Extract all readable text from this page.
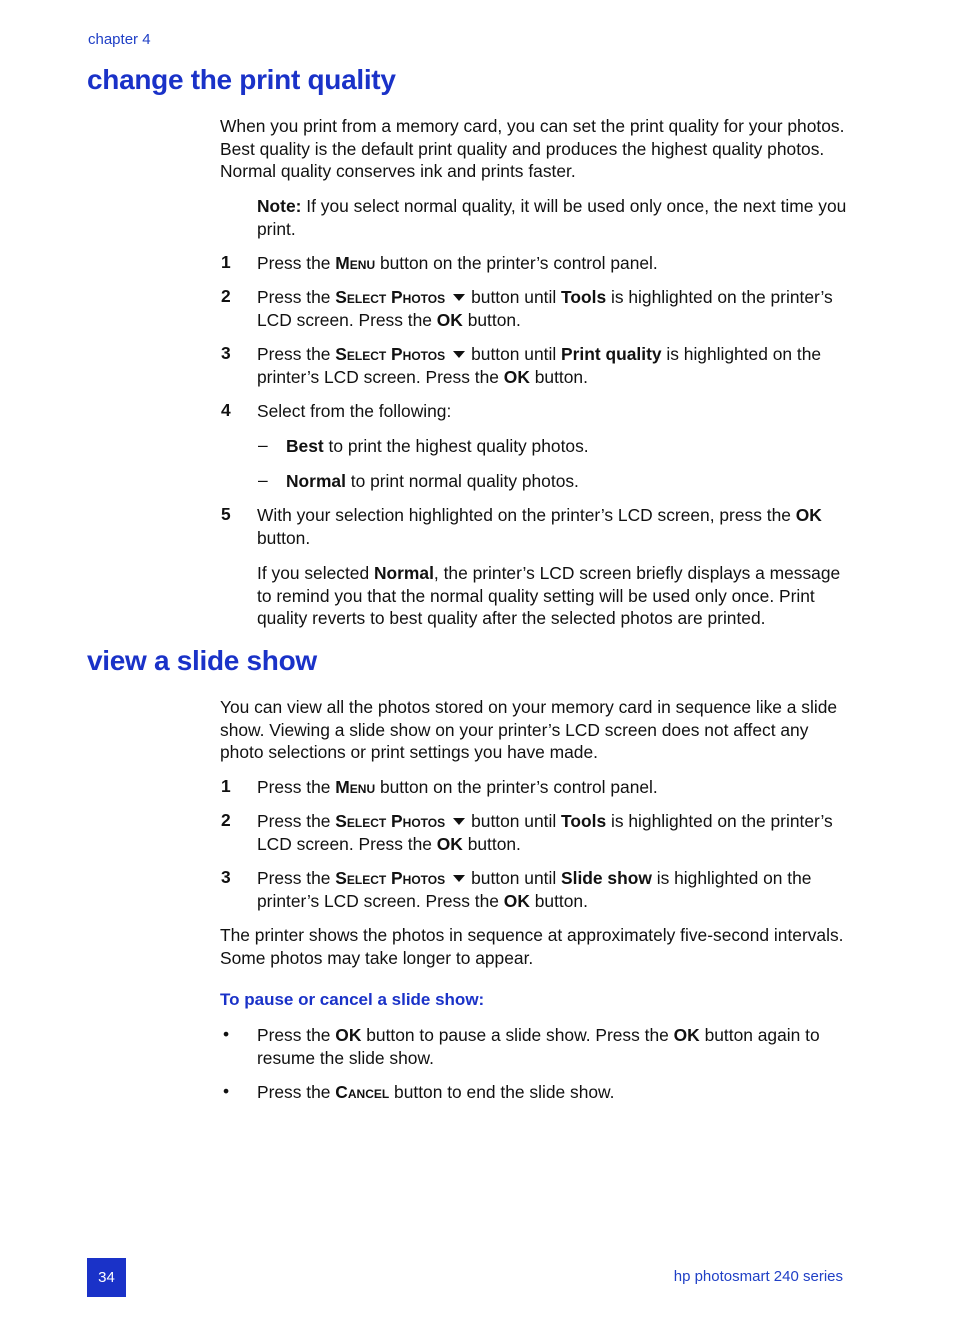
chapter 4
change the print quality

When you print from a memory card, you can set the print quality for your photos. Best quality is the default print quality and produces the highest quality photos. Normal quality conserves ink and prints faster.

Note: If you select normal quality, it will be used only once, the next time you print.

1 Press the Menu button on the printer’s control panel.

2 Press the Select Photos button until Tools is highlighted on the printer’s LCD screen. Press the OK button.

3 Press the Select Photos button until Print quality is highlighted on the printer’s LCD screen. Press the OK button.

4 Select from the following:

– Best to print the highest quality photos.

– Normal to print normal quality photos.

5 With your selection highlighted on the printer’s LCD screen, press the OK button.

If you selected Normal, the printer’s LCD screen briefly displays a message to remind you that the normal quality setting will be used only once. Print quality reverts to best quality after the selected photos are printed.

view a slide show

You can view all the photos stored on your memory card in sequence like a slide show. Viewing a slide show on your printer’s LCD screen does not affect any photo selections or print settings you have made.

1 Press the Menu button on the printer’s control panel.

2 Press the Select Photos button until Tools is highlighted on the printer’s LCD screen. Press the OK button.

3 Press the Select Photos button until Slide show is highlighted on the printer’s LCD screen. Press the OK button.

The printer shows the photos in sequence at approximately five-second intervals. Some photos may take longer to appear.

To pause or cancel a slide show:
• Press the OK button to pause a slide show. Press the OK button again to resume the slide show.

• Press the Cancel button to end the slide show.

34	hp photosmart 240 series
